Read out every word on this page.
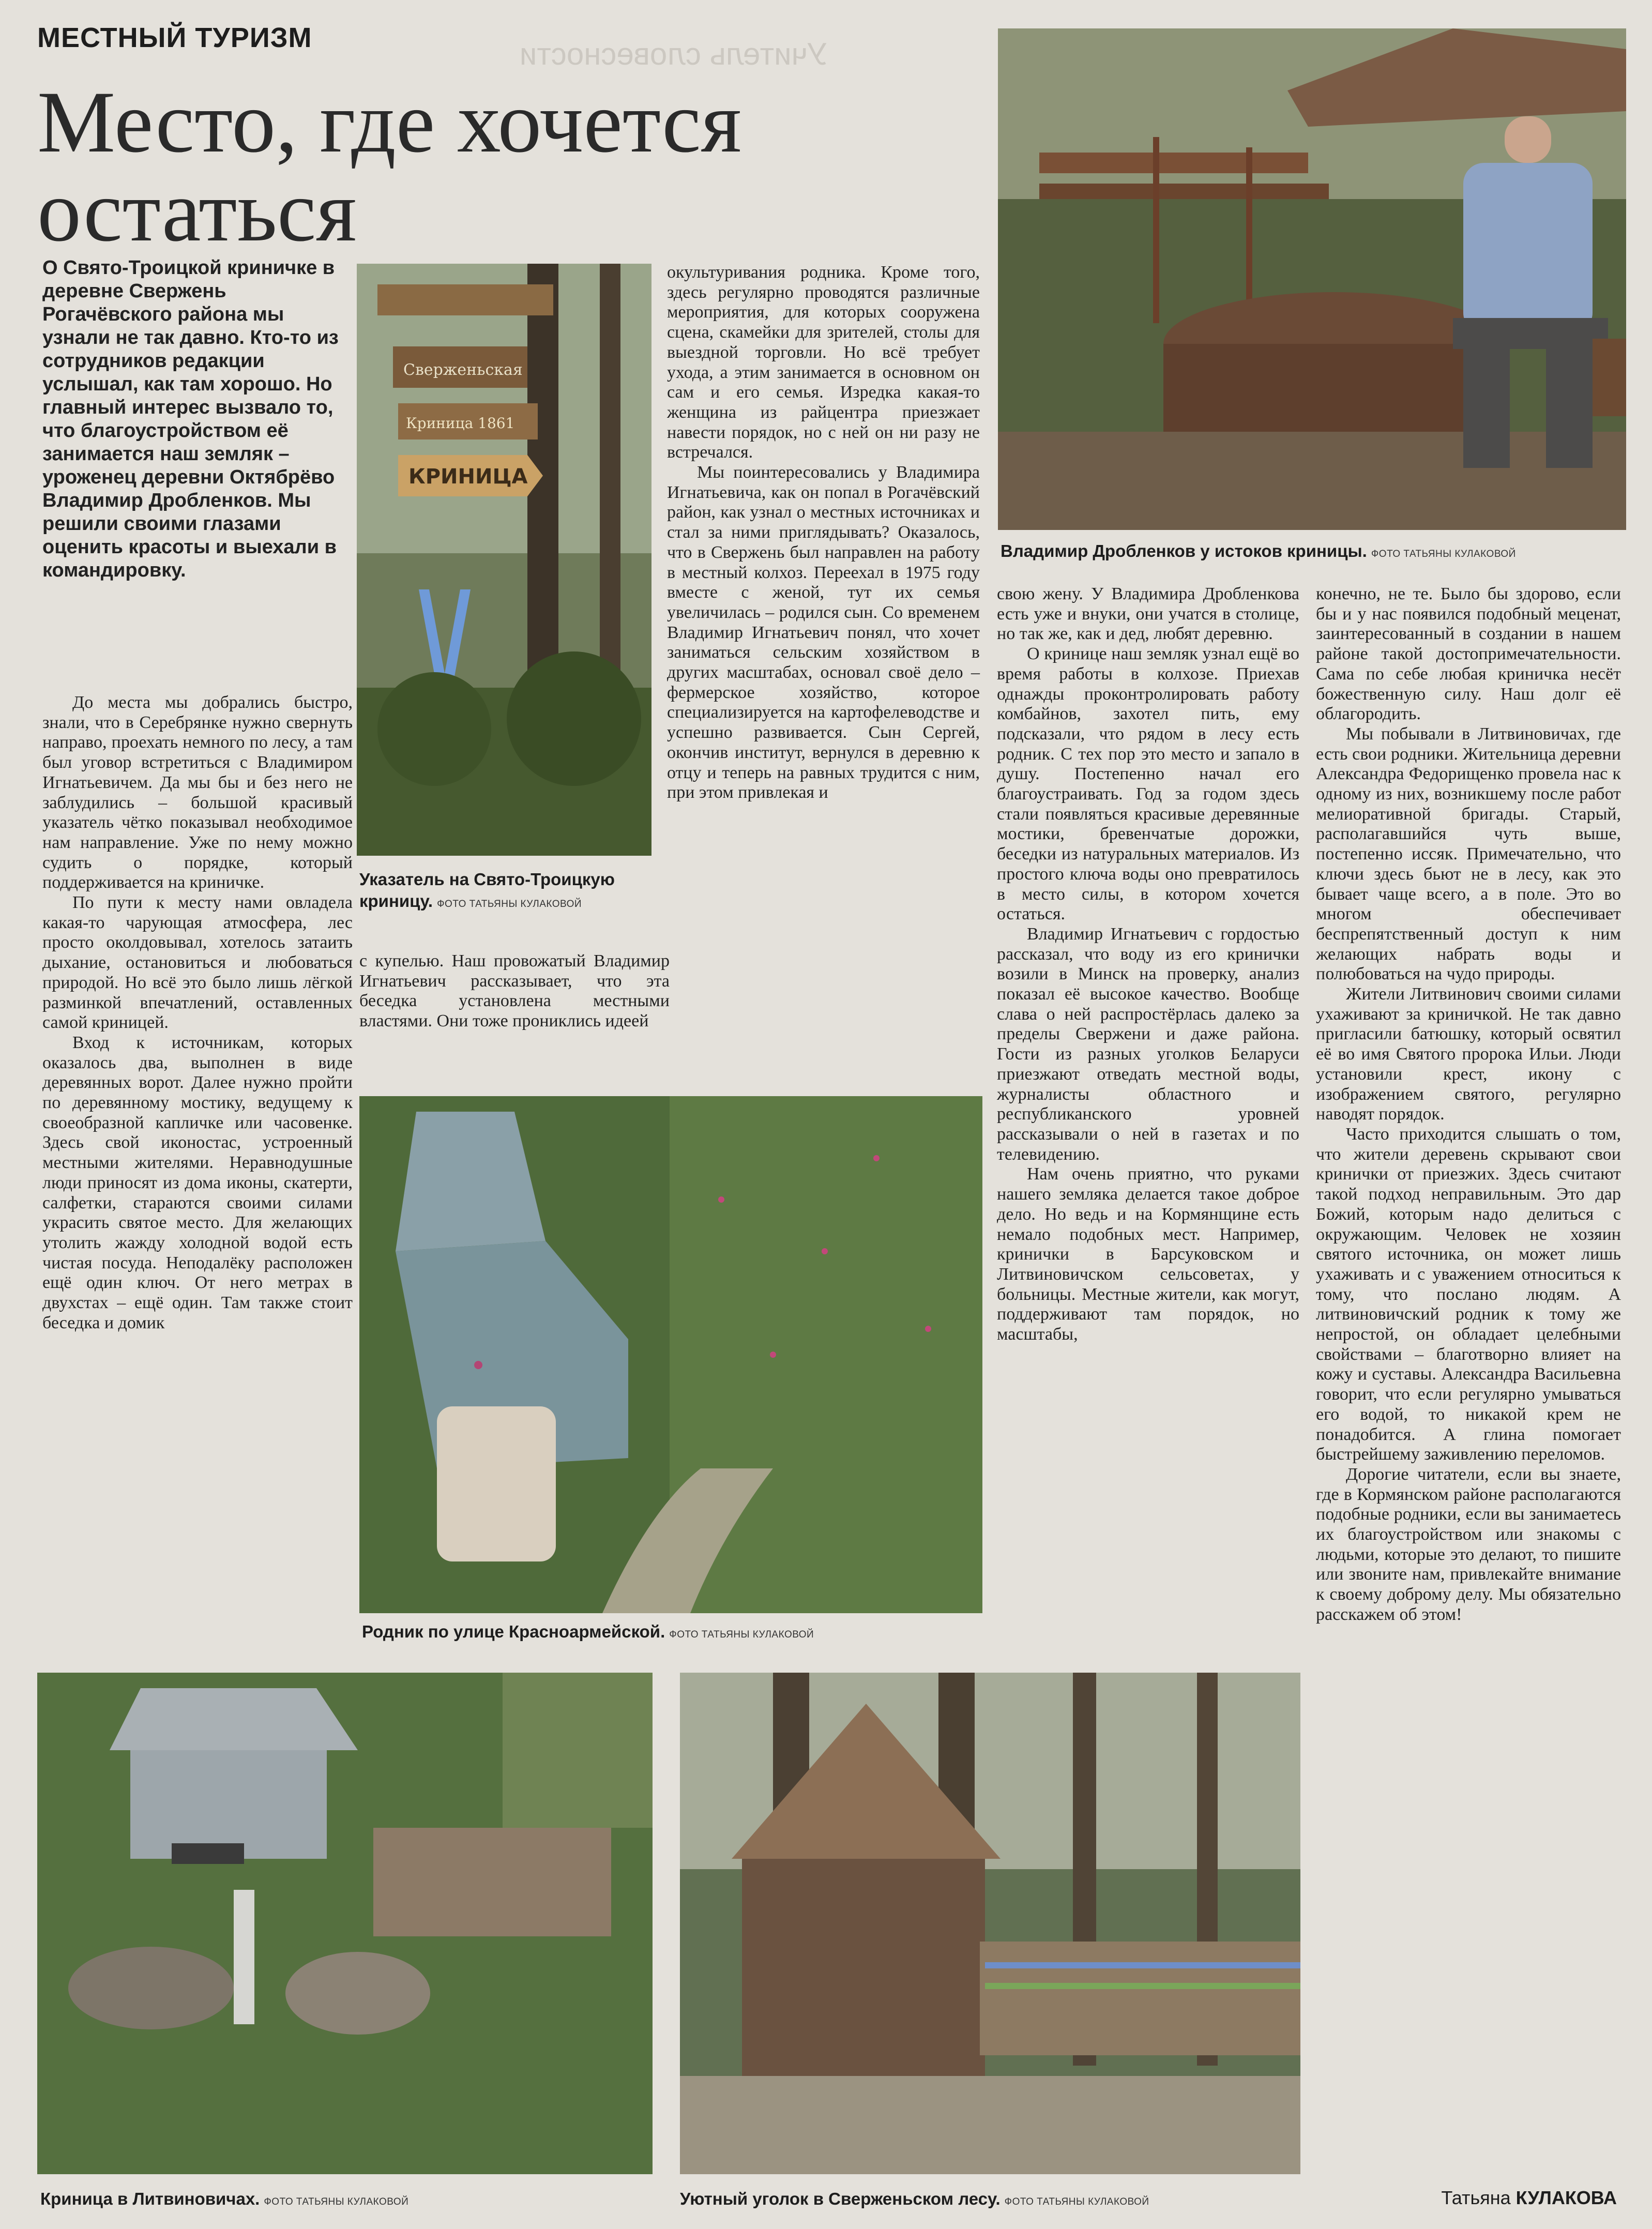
Учитель словесности
МЕСТНЫЙ ТУРИЗМ
Место, где хочется остаться
О Свято-Троицкой криничке в деревне Свержень Рогачёвского района мы узнали не так давно. Кто-то из сотрудников редакции услышал, как там хорошо. Но главный интерес вызвало то, что благоустройством её занимается наш земляк – уроженец деревни Октябрёво Владимир Дробленков. Мы решили своими глазами оценить красоты и выехали в командировку.

До места мы добрались быстро, знали, что в Серебрянке нужно свернуть направо, проехать немного по лесу, а там был уговор встретиться с Владимиром Игнатьевичем. Да мы бы и без него не заблудились – большой красивый указатель чётко показывал необходимое нам направление. Уже по нему можно судить о порядке, который поддерживается на криничке.

По пути к месту нами овладела какая-то чарующая атмосфера, лес просто околдовывал, хотелось затаить дыхание, остановиться и любоваться природой. Но всё это было лишь лёгкой разминкой впечатлений, оставленных самой криницей.

Вход к источникам, которых оказалось два, выполнен в виде деревянных ворот. Далее нужно пройти по деревянному мостику, ведущему к своеобразной капличке или часовенке. Здесь свой иконостас, устроенный местными жителями. Неравнодушные люди приносят из дома иконы, скатерти, салфетки, стараются своими силами украсить святое место. Для желающих утолить жажду холодной водой есть чистая посуда. Неподалёку расположен ещё один ключ. От него метрах в двухстах – ещё один. Там также стоит беседка и домик

Сверженьская
Криница 1861
КРИНИЦА
Указатель на Свято-Троицкую криницу. ФОТО ТАТЬЯНЫ КУЛАКОВОЙ

с купелью. Наш провожатый Владимир Игнатьевич рассказывает, что эта беседка установлена местными властями. Они тоже прониклись идеей

окультуривания родника. Кроме того, здесь регулярно проводятся различные мероприятия, для которых сооружена сцена, скамейки для зрителей, столы для выездной торговли. Но всё требует ухода, а этим занимается в основном он сам и его семья. Изредка какая-то женщина из райцентра приезжает навести порядок, но с ней он ни разу не встречался.

Мы поинтересовались у Владимира Игнатьевича, как он попал в Рогачёвский район, как узнал о местных источниках и стал за ними приглядывать? Оказалось, что в Свержень был направлен на работу в местный колхоз. Переехал в 1975 году вместе с женой, тут их семья увеличилась – родился сын. Со временем Владимир Игнатьевич понял, что хочет заниматься сельским хозяйством в других масштабах, основал своё дело – фермерское хозяйство, которое специализируется на картофелеводстве и успешно развивается. Сын Сергей, окончив институт, вернулся в деревню к отцу и теперь на равных трудится с ним, при этом привлекая и

Владимир Дробленков у истоков криницы. ФОТО ТАТЬЯНЫ КУЛАКОВОЙ

свою жену. У Владимира Дробленкова есть уже и внуки, они учатся в столице, но так же, как и дед, любят деревню.

О кринице наш земляк узнал ещё во время работы в колхозе. Приехав однажды проконтролировать работу комбайнов, захотел пить, ему подсказали, что рядом в лесу есть родник. С тех пор это место и запало в душу. Постепенно начал его благоустраивать. Год за годом здесь стали появляться красивые деревянные мостики, бревенчатые дорожки, беседки из натуральных материалов. Из простого ключа воды оно превратилось в место силы, в котором хочется остаться.

Владимир Игнатьевич с гордостью рассказал, что воду из его кринички возили в Минск на проверку, анализ показал её высокое качество. Вообще слава о ней распростёрлась далеко за пределы Свержени и даже района. Гости из разных уголков Беларуси приезжают отведать местной воды, журналисты областного и республиканского уровней рассказывали о ней в газетах и по телевидению.

Нам очень приятно, что руками нашего земляка делается такое доброе дело. Но ведь и на Кормянщине есть немало подобных мест. Например, кринички в Барсуковском и Литвиновичском сельсоветах, у больницы. Местные жители, как могут, поддерживают там порядок, но масштабы,

конечно, не те. Было бы здорово, если бы и у нас появился подобный меценат, заинтересованный в создании в нашем районе такой достопримечательности. Сама по себе любая криничка несёт божественную силу. Наш долг её облагородить.

Мы побывали в Литвиновичах, где есть свои родники. Жительница деревни Александра Федорищенко провела нас к одному из них, возникшему после работ мелиоративной бригады. Старый, располагавшийся чуть выше, постепенно иссяк. Примечательно, что ключи здесь бьют не в лесу, как это бывает чаще всего, а в поле. Это во многом обеспечивает беспрепятственный доступ к ним желающих набрать воды и полюбоваться на чудо природы.

Жители Литвинович своими силами ухаживают за криничкой. Не так давно пригласили батюшку, который освятил её во имя Святого пророка Ильи. Люди установили крест, икону с изображением святого, регулярно наводят порядок.

Часто приходится слышать о том, что жители деревень скрывают свои кринички от приезжих. Здесь считают такой подход неправильным. Это дар Божий, которым надо делиться с окружающим. Человек не хозяин святого источника, он может лишь ухаживать и с уважением относиться к тому, что послано людям. А литвиновичский родник к тому же непростой, он обладает целебными свойствами – благотворно влияет на кожу и суставы. Александра Васильевна говорит, что если регулярно умываться его водой, то никакой крем не понадобится. А глина помогает быстрейшему заживлению переломов.

Дорогие читатели, если вы знаете, где в Кормянском районе располагаются подобные родники, если вы занимаетесь их благоустройством или знакомы с людьми, которые это делают, то пишите или звоните нам, привлекайте внимание к своему доброму делу. Мы обязательно расскажем об этом!

Родник по улице Красноармейской. ФОТО ТАТЬЯНЫ КУЛАКОВОЙ
Криница в Литвиновичах. ФОТО ТАТЬЯНЫ КУЛАКОВОЙ	Уютный уголок в Сверженьском лесу. ФОТО ТАТЬЯНЫ КУЛАКОВОЙ	Татьяна КУЛАКОВА
